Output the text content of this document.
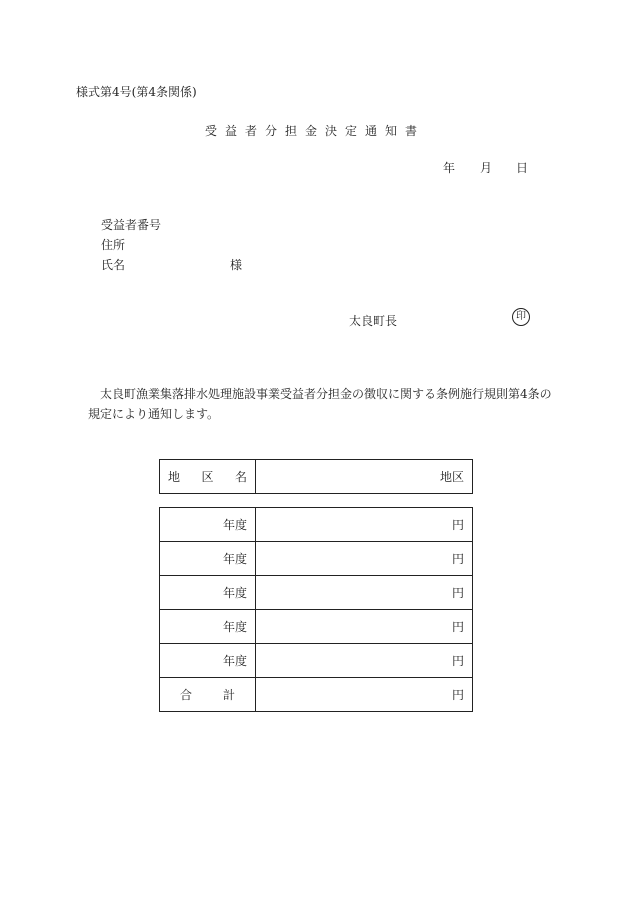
様式第4号(第4条関係)
受益者分担金決定通知書
年 月 日
受益者番号
住所
氏名	様
太良町長	印
太良町漁業集落排水処理施設事業受益者分担金の徴収に関する条例施行規則第4条の
規定により通知します。
地 区 名	地区
年度	円
年度	円
年度	円
年度	円
年度	円

合 計	円
